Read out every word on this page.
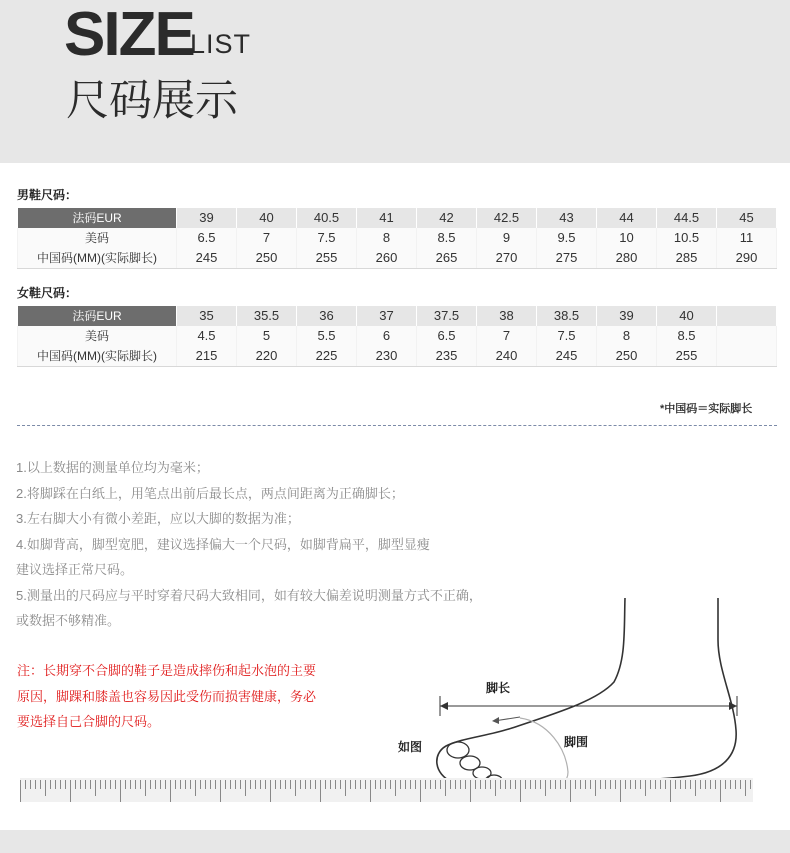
SIZE
LIST
尺码展示
男鞋尺码：
法码EUR	39	40	40.5	41	42	42.5	43	44	44.5	45
美码	6.5	7	7.5	8	8.5	9	9.5	10	10.5	11
中国码(MM)(实际脚长)	245	250	255	260	265	270	275	280	285	290
女鞋尺码：
法码EUR	35	35.5	36	37	37.5	38	38.5	39	40	
美码	4.5	5	5.5	6	6.5	7	7.5	8	8.5	
中国码(MM)(实际脚长)	215	220	225	230	235	240	245	250	255	
*中国码＝实际脚长
1.以上数据的测量单位均为毫米；
2.将脚踩在白纸上，用笔点出前后最长点，两点间距离为正确脚长；
3.左右脚大小有微小差距，应以大脚的数据为准；
4.如脚背高，脚型宽肥，建议选择偏大一个尺码，如脚背扁平，脚型显瘦
建议选择正常尺码。
5.测量出的尺码应与平时穿着尺码大致相同，如有较大偏差说明测量方式不正确，
或数据不够精准。
注：长期穿不合脚的鞋子是造成摔伤和起水泡的主要
原因，脚踝和膝盖也容易因此受伤而损害健康，务必
要选择自己合脚的尺码。
脚长
脚围
如图
